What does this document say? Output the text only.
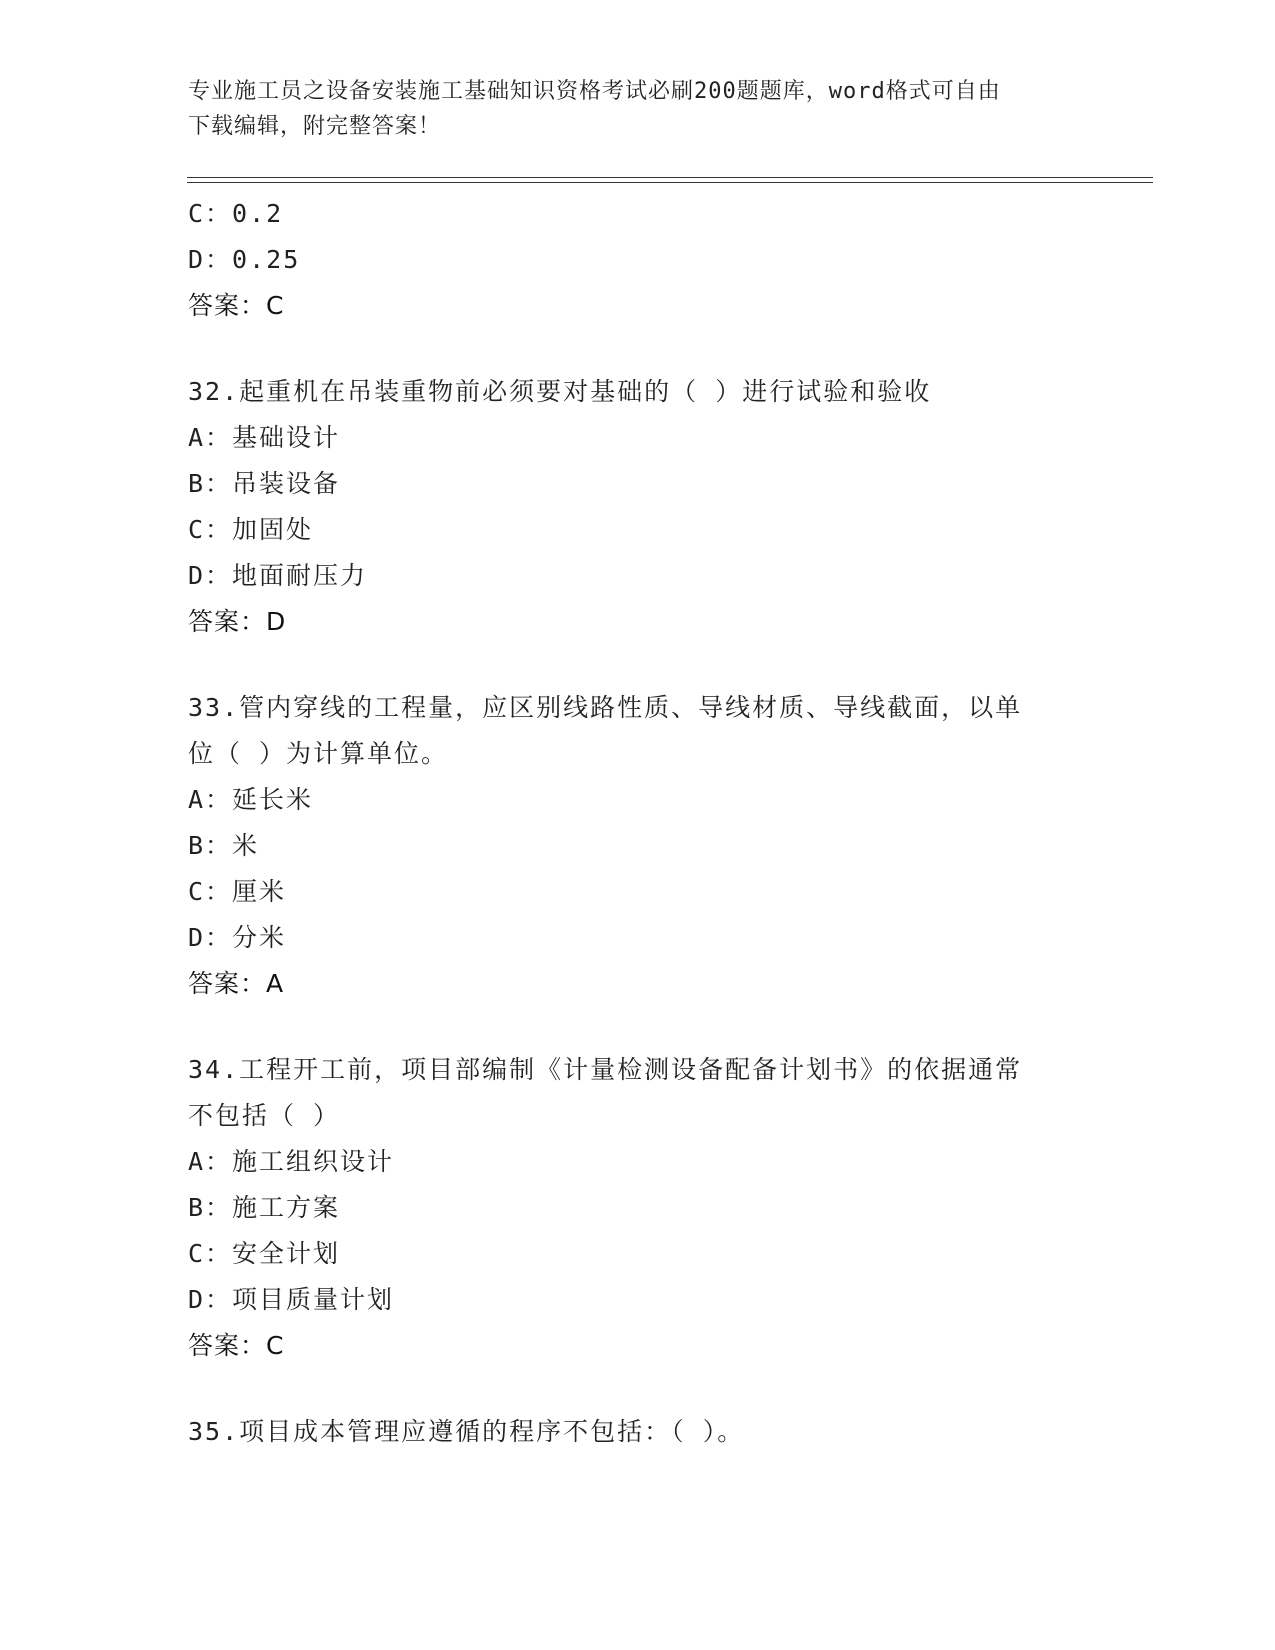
专业施工员之设备安装施工基础知识资格考试必刷200题题库，word格式可自由
下载编辑，附完整答案！
C：0.2
D：0.25
答案：C
32.起重机在吊装重物前必须要对基础的（ ）进行试验和验收
A：基础设计
B：吊装设备
C：加固处
D：地面耐压力
答案：D
33.管内穿线的工程量，应区别线路性质、导线材质、导线截面，以单
位（ ）为计算单位。
A：延长米
B：米
C：厘米
D：分米
答案：A
34.工程开工前，项目部编制《计量检测设备配备计划书》的依据通常
不包括（ ）
A：施工组织设计
B：施工方案
C：安全计划
D：项目质量计划
答案：C
35.项目成本管理应遵循的程序不包括：（ ）。
